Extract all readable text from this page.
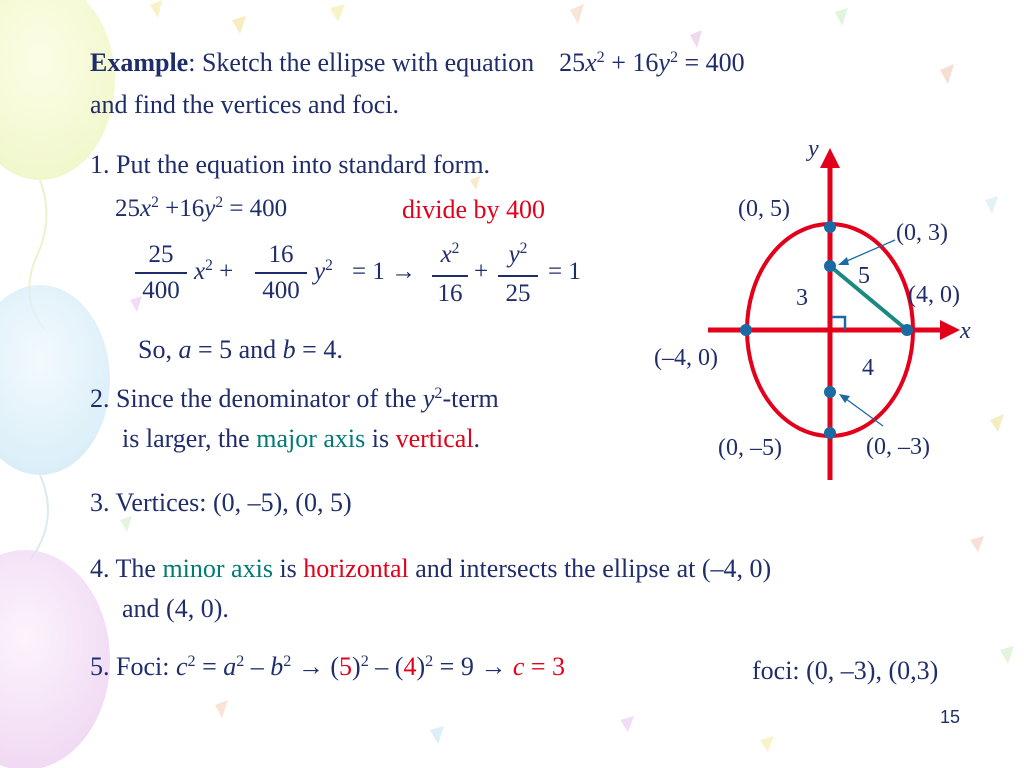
Example: Sketch the ellipse with equation $25x^2 + 16y^2 = 400$
and find the vertices and foci.
1. Put the equation into standard form.
$25x^2 +16y^2 = 400$	divide by 400
25
400
$x^2$ +
16
400
$y^2 = 1$ →
$x^2$
16
+
$y^2$
25
= 1
So, a = 5 and b = 4.
2. Since the denominator of the $y^2$-term
is larger, the major axis is vertical.
3. Vertices: (0, –5), (0, 5)
4. The minor axis is horizontal and intersects the ellipse at (–4, 0)
and (4, 0).
5. Foci: $c^2 = a^2 - b^2 \to (5)^2 - (4)^2 = 9 \to c = 3$	foci: (0, –3), (0,3)
y
x
(0, 5)
(0, 3)
5
3	(4, 0)
(–4, 0)	4
(0, –5)	(0, –3)
15
